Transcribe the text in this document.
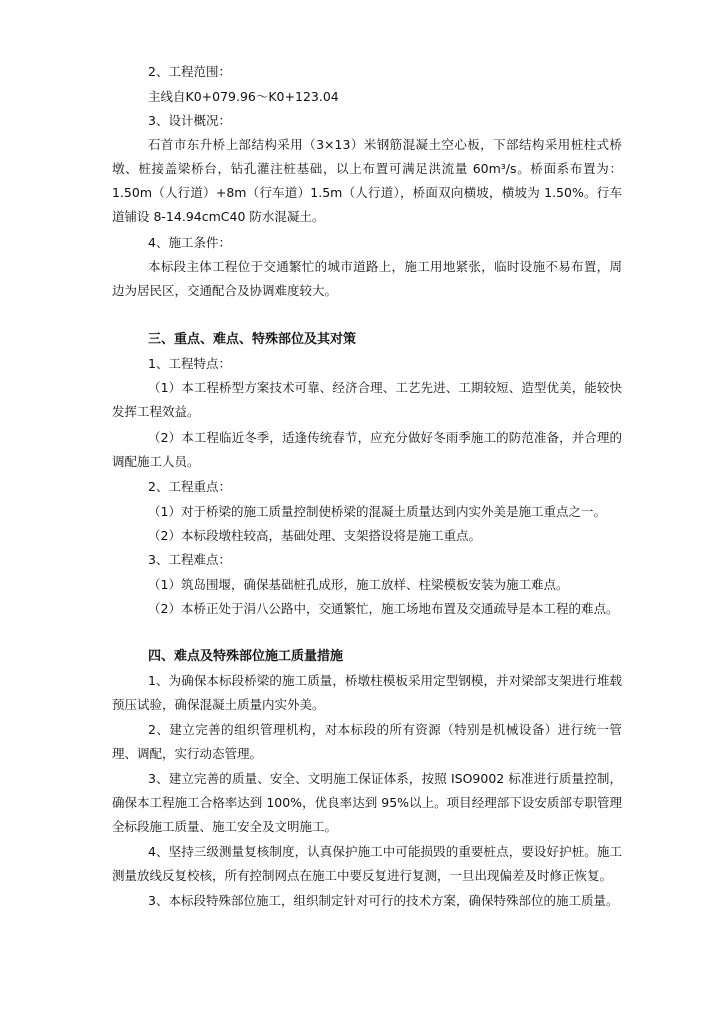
2、工程范围：

主线自K0+079.96～K0+123.04

3、设计概况：

石首市东升桥上部结构采用（3×13）米钢筋混凝土空心板，下部结构采用桩柱式桥墩、桩接盖梁桥台，钻孔灌注桩基础，以上布置可满足洪流量 60m³/s。桥面系布置为：1.50m（人行道）+8m（行车道）1.5m（人行道），桥面双向横坡，横坡为 1.50%。行车道铺设 8-14.94cmC40 防水混凝土。

4、施工条件：

本标段主体工程位于交通繁忙的城市道路上，施工用地紧张，临时设施不易布置，周边为居民区，交通配合及协调难度较大。

三、重点、难点、特殊部位及其对策

1、工程特点：

（1）本工程桥型方案技术可靠、经济合理、工艺先进、工期较短、造型优美，能较快发挥工程效益。

（2）本工程临近冬季，适逢传统春节，应充分做好冬雨季施工的防范准备，并合理的调配施工人员。

2、工程重点：

（1）对于桥梁的施工质量控制使桥梁的混凝土质量达到内实外美是施工重点之一。

（2）本标段墩柱较高，基础处理、支架搭设将是施工重点。

3、工程难点：

（1）筑岛围堰，确保基础桩孔成形，施工放样、柱梁模板安装为施工难点。

（2）本桥正处于涓八公路中，交通繁忙，施工场地布置及交通疏导是本工程的难点。

四、难点及特殊部位施工质量措施

1、为确保本标段桥梁的施工质量，桥墩柱模板采用定型钢模，并对梁部支架进行堆载预压试验，确保混凝土质量内实外美。

2、建立完善的组织管理机构，对本标段的所有资源（特别是机械设备）进行统一管理、调配，实行动态管理。

3、建立完善的质量、安全、文明施工保证体系，按照 ISO9002 标准进行质量控制，确保本工程施工合格率达到 100%，优良率达到 95%以上。项目经理部下设安质部专职管理全标段施工质量、施工安全及文明施工。

4、坚持三级测量复核制度，认真保护施工中可能损毁的重要桩点，要设好护桩。施工测量放线反复校核，所有控制网点在施工中要反复进行复测，一旦出现偏差及时修正恢复。

3、本标段特殊部位施工，组织制定针对可行的技术方案，确保特殊部位的施工质量。
